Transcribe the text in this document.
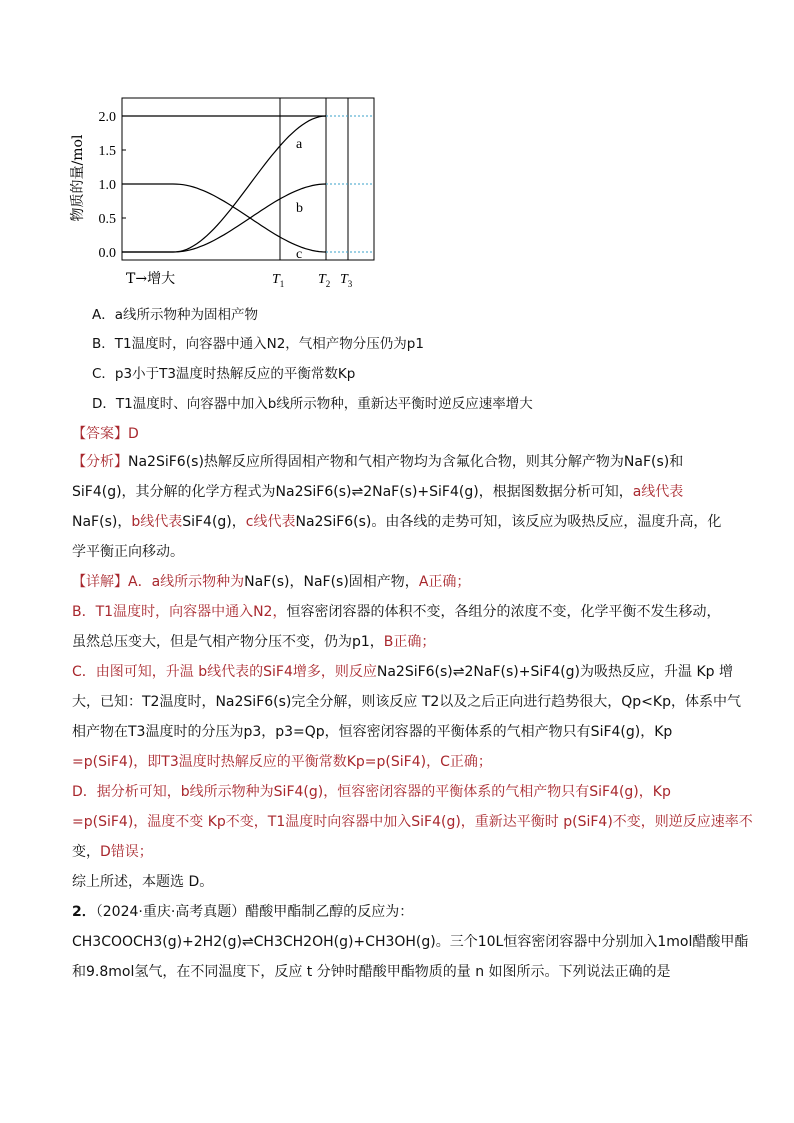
2.0
1.5
1.0
0.5
0.0
物质的量/mol
T→增大	$T_1$ $T_2$ $T_3$
a
b
c
A．a线所示物种为固相产物
B．T1温度时，向容器中通入N2，气相产物分压仍为p1
C．p3小于T3温度时热解反应的平衡常数Kp
D．T1温度时、向容器中加入b线所示物种，重新达平衡时逆反应速率增大
【答案】D
【分析】Na2SiF6(s)热解反应所得固相产物和气相产物均为含氟化合物，则其分解产物为NaF(s)和
SiF4(g)，其分解的化学方程式为Na2SiF6(s)⇌2NaF(s)+SiF4(g)，根据图数据分析可知，a线代表
NaF(s)，b线代表SiF4(g)，c线代表Na2SiF6(s)。由各线的走势可知，该反应为吸热反应，温度升高，化
学平衡正向移动。
【详解】A．a线所示物种为NaF(s)，NaF(s)固相产物，A正确；
B．T1温度时，向容器中通入N2，恒容密闭容器的体积不变，各组分的浓度不变，化学平衡不发生移动，
虽然总压变大，但是气相产物分压不变，仍为p1，B正确；
C．由图可知，升温 b线代表的SiF4增多，则反应Na2SiF6(s)⇌2NaF(s)+SiF4(g)为吸热反应，升温 Kp 增
大，已知：T2温度时，Na2SiF6(s)完全分解，则该反应 T2以及之后正向进行趋势很大，Qp<Kp，体系中气
相产物在T3温度时的分压为p3，p3=Qp，恒容密闭容器的平衡体系的气相产物只有SiF4(g)，Kp
=p(SiF4)，即T3温度时热解反应的平衡常数Kp=p(SiF4)，C正确；
D．据分析可知，b线所示物种为SiF4(g)，恒容密闭容器的平衡体系的气相产物只有SiF4(g)，Kp
=p(SiF4)，温度不变 Kp不变，T1温度时向容器中加入SiF4(g)，重新达平衡时 p(SiF4)不变，则逆反应速率不
变，D错误；
综上所述，本题选 D。
2．（2024·重庆·高考真题）醋酸甲酯制乙醇的反应为：
CH3COOCH3(g)+2H2(g)⇌CH3CH2OH(g)+CH3OH(g)。三个10L恒容密闭容器中分别加入1mol醋酸甲酯
和9.8mol氢气，在不同温度下，反应 t 分钟时醋酸甲酯物质的量 n 如图所示。下列说法正确的是
